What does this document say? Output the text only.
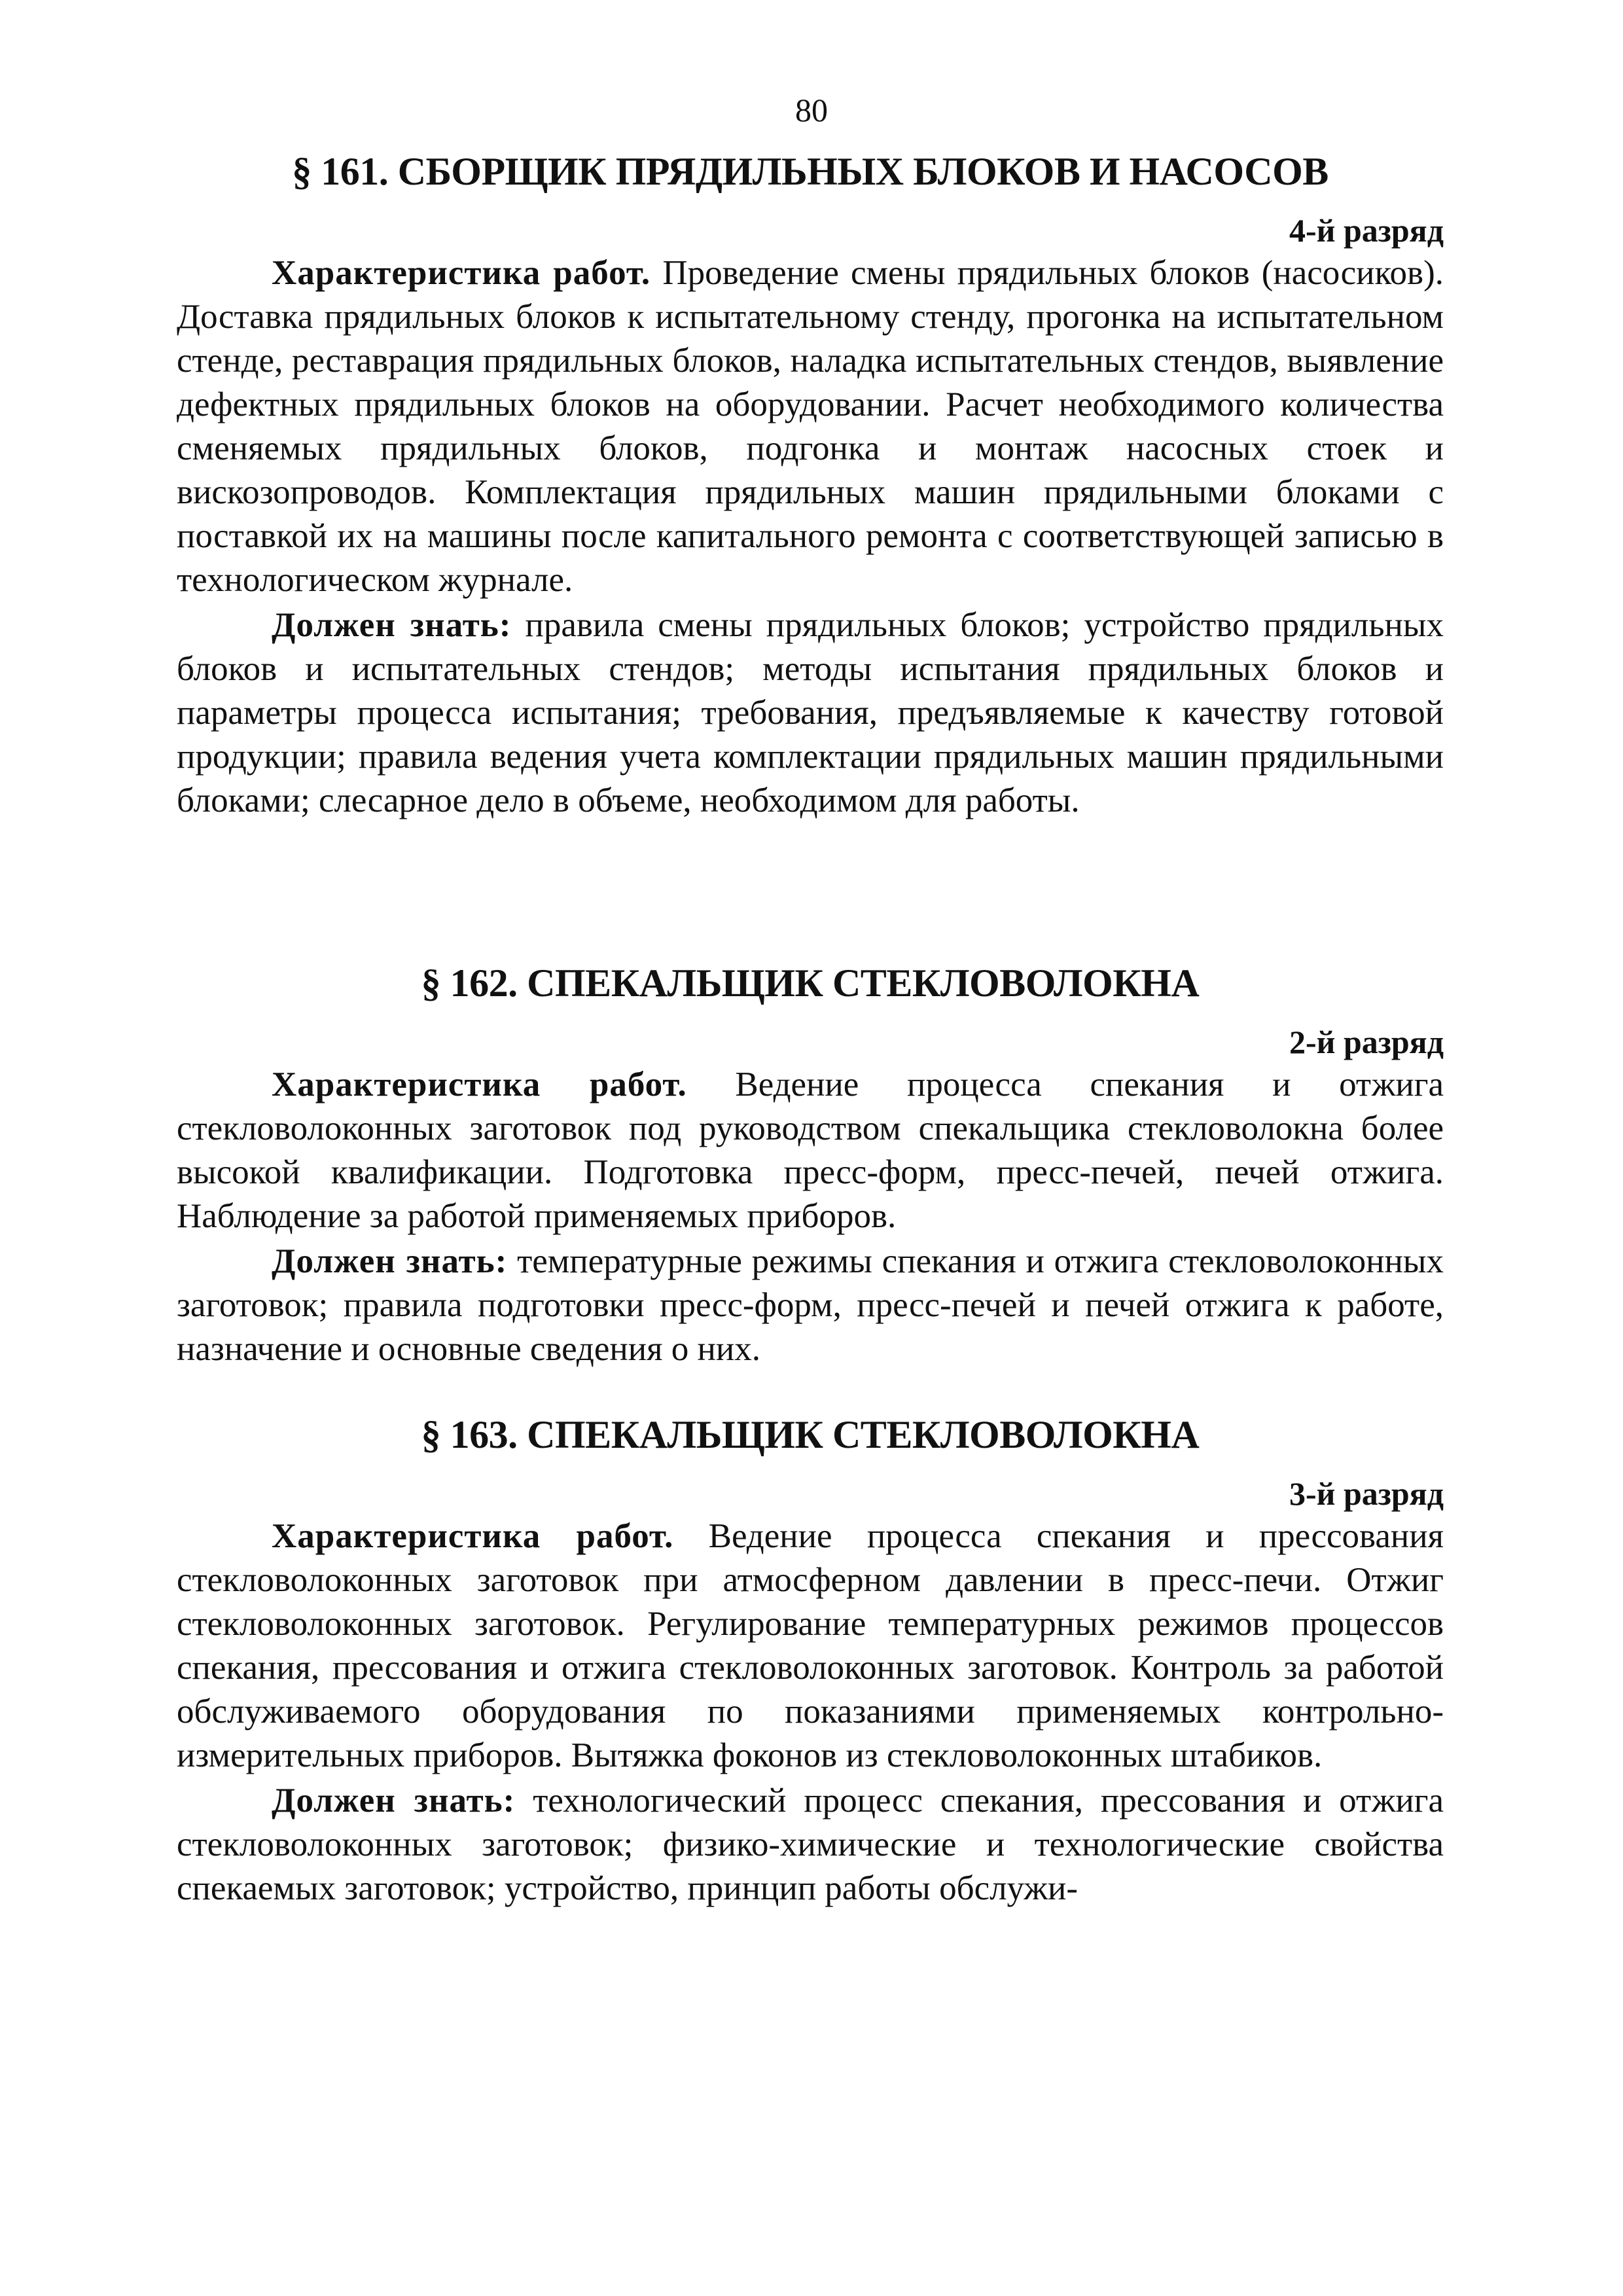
80
§ 161. СБОРЩИК ПРЯДИЛЬНЫХ БЛОКОВ И НАСОСОВ
4-й разряд

Характеристика работ. Проведение смены прядильных блоков (насосиков). Доставка прядильных блоков к испытательному стенду, прогонка на испытательном стенде, реставрация прядильных блоков, наладка испытательных стендов, выявление дефектных прядильных блоков на оборудовании. Расчет необходимого количества сменяемых прядильных блоков, подгонка и монтаж насосных стоек и вискозопроводов. Комплектация прядильных машин прядильными блоками с поставкой их на машины после капитального ремонта с соответствующей записью в технологическом журнале.

Должен знать: правила смены прядильных блоков; устройство прядильных блоков и испытательных стендов; методы испытания прядильных блоков и параметры процесса испытания; требования, предъявляемые к качеству готовой продукции; правила ведения учета комплектации прядильных машин прядильными блоками; слесарное дело в объеме, необходимом для работы.

§ 162. СПЕКАЛЬЩИК СТЕКЛОВОЛОКНА
2-й разряд

Характеристика работ. Ведение процесса спекания и отжига стекловолоконных заготовок под руководством спекальщика стекловолокна более высокой квалификации. Подготовка пресс-форм, пресс-печей, печей отжига. Наблюдение за работой применяемых приборов.

Должен знать: температурные режимы спекания и отжига стекловолоконных заготовок; правила подготовки пресс-форм, пресс-печей и печей отжига к работе, назначение и основные сведения о них.

§ 163. СПЕКАЛЬЩИК СТЕКЛОВОЛОКНА
3-й разряд

Характеристика работ. Ведение процесса спекания и прессования стекловолоконных заготовок при атмосферном давлении в пресс-печи. Отжиг стекловолоконных заготовок. Регулирование температурных режимов процессов спекания, прессования и отжига стекловолоконных заготовок. Контроль за работой обслуживаемого оборудования по показаниями применяемых контрольно-измерительных приборов. Вытяжка фоконов из стекловолоконных штабиков.

Должен знать: технологический процесс спекания, прессования и отжига стекловолоконных заготовок; физико-химические и технологические свойства спекаемых заготовок; устройство, принцип работы обслужи-
